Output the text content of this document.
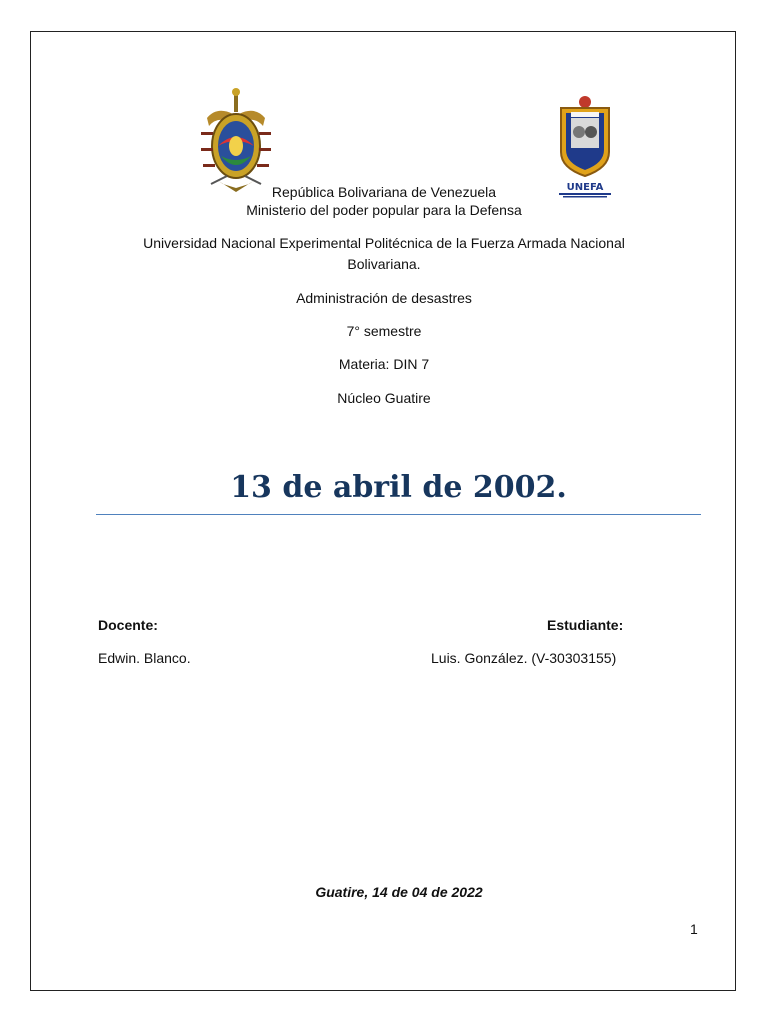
UNEFA
República Bolivariana de Venezuela
Ministerio del poder popular para la Defensa
Universidad Nacional Experimental Politécnica de la Fuerza Armada Nacional
Bolivariana.
Administración de desastres
7° semestre
Materia: DIN 7
Núcleo Guatire
13 de abril de 2002.
Docente:
Edwin. Blanco.
Estudiante:
Luis. González. (V-30303155)
Guatire, 14 de 04 de 2022
1
